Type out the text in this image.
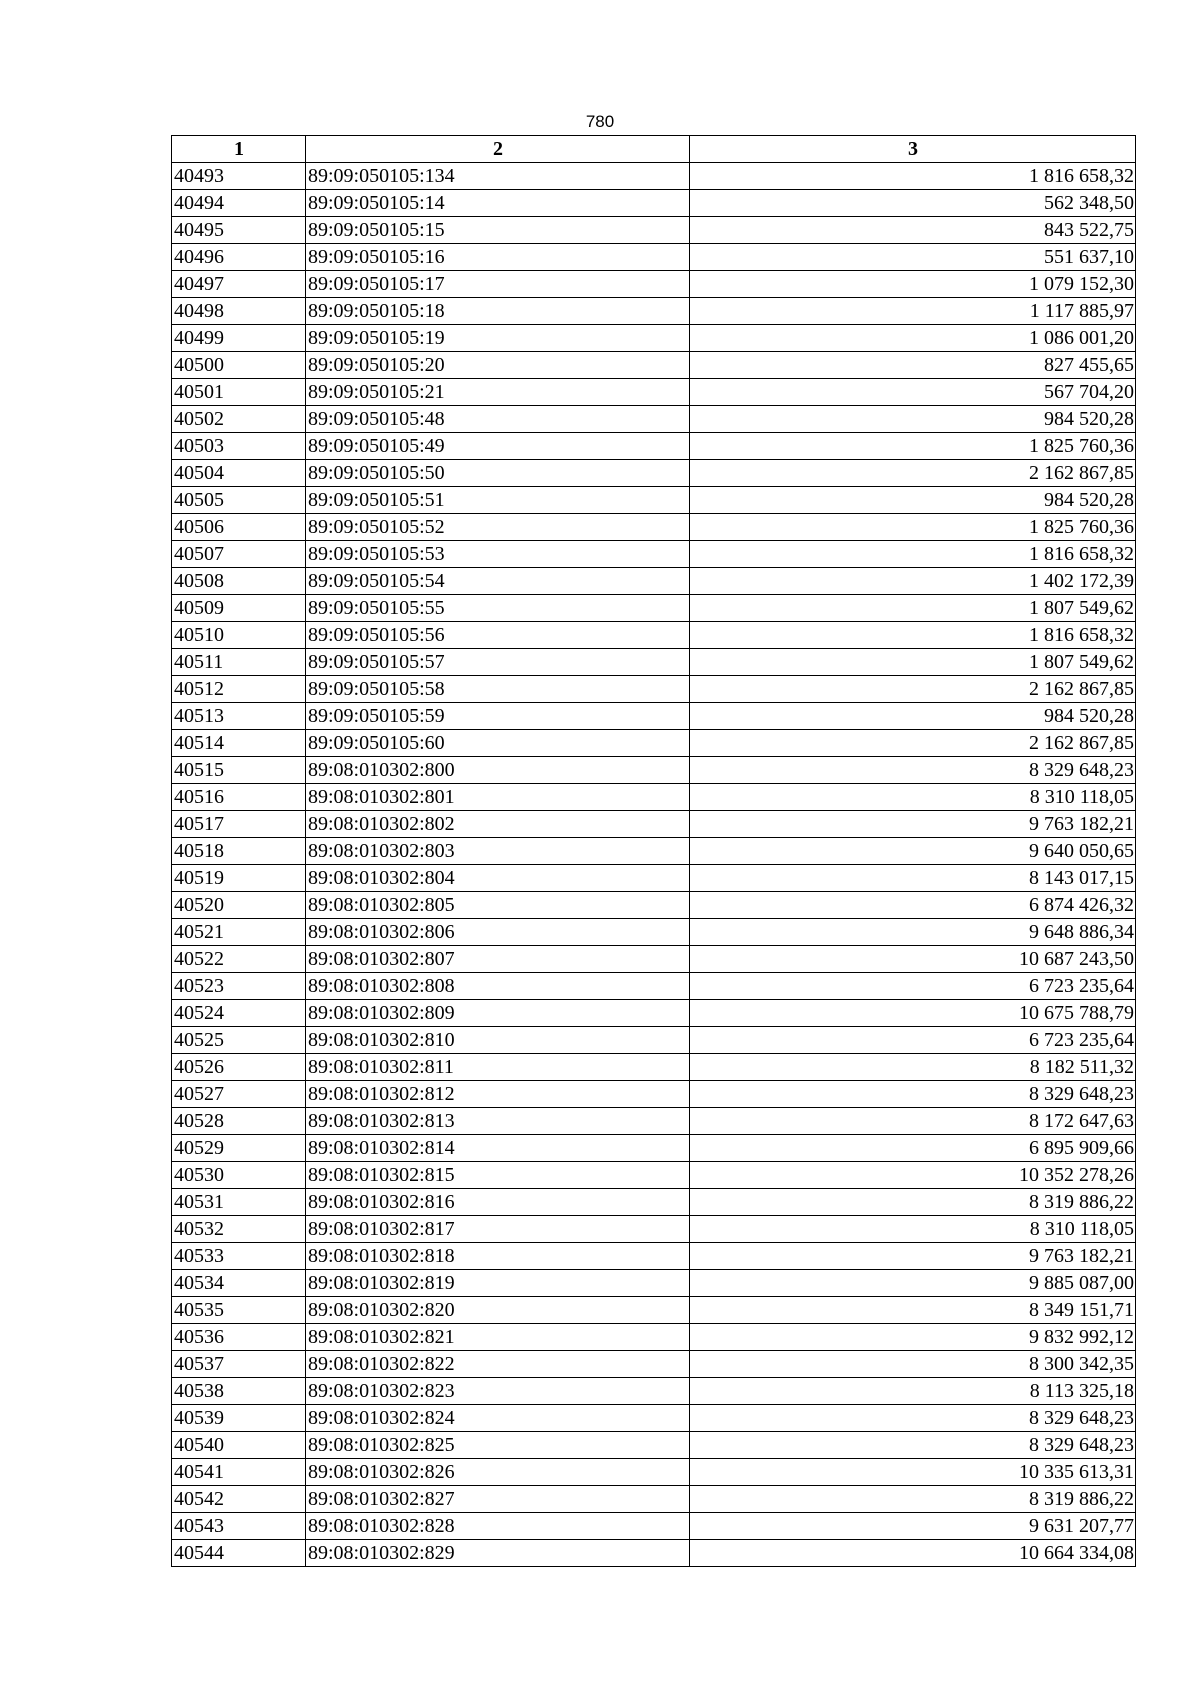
780
1	2	3
40493	89:09:050105:134	1 816 658,32
40494	89:09:050105:14	562 348,50
40495	89:09:050105:15	843 522,75
40496	89:09:050105:16	551 637,10
40497	89:09:050105:17	1 079 152,30
40498	89:09:050105:18	1 117 885,97
40499	89:09:050105:19	1 086 001,20
40500	89:09:050105:20	827 455,65
40501	89:09:050105:21	567 704,20
40502	89:09:050105:48	984 520,28
40503	89:09:050105:49	1 825 760,36
40504	89:09:050105:50	2 162 867,85
40505	89:09:050105:51	984 520,28
40506	89:09:050105:52	1 825 760,36
40507	89:09:050105:53	1 816 658,32
40508	89:09:050105:54	1 402 172,39
40509	89:09:050105:55	1 807 549,62
40510	89:09:050105:56	1 816 658,32
40511	89:09:050105:57	1 807 549,62
40512	89:09:050105:58	2 162 867,85
40513	89:09:050105:59	984 520,28
40514	89:09:050105:60	2 162 867,85
40515	89:08:010302:800	8 329 648,23
40516	89:08:010302:801	8 310 118,05
40517	89:08:010302:802	9 763 182,21
40518	89:08:010302:803	9 640 050,65
40519	89:08:010302:804	8 143 017,15
40520	89:08:010302:805	6 874 426,32
40521	89:08:010302:806	9 648 886,34
40522	89:08:010302:807	10 687 243,50
40523	89:08:010302:808	6 723 235,64
40524	89:08:010302:809	10 675 788,79
40525	89:08:010302:810	6 723 235,64
40526	89:08:010302:811	8 182 511,32
40527	89:08:010302:812	8 329 648,23
40528	89:08:010302:813	8 172 647,63
40529	89:08:010302:814	6 895 909,66
40530	89:08:010302:815	10 352 278,26
40531	89:08:010302:816	8 319 886,22
40532	89:08:010302:817	8 310 118,05
40533	89:08:010302:818	9 763 182,21
40534	89:08:010302:819	9 885 087,00
40535	89:08:010302:820	8 349 151,71
40536	89:08:010302:821	9 832 992,12
40537	89:08:010302:822	8 300 342,35
40538	89:08:010302:823	8 113 325,18
40539	89:08:010302:824	8 329 648,23
40540	89:08:010302:825	8 329 648,23
40541	89:08:010302:826	10 335 613,31
40542	89:08:010302:827	8 319 886,22
40543	89:08:010302:828	9 631 207,77
40544	89:08:010302:829	10 664 334,08
